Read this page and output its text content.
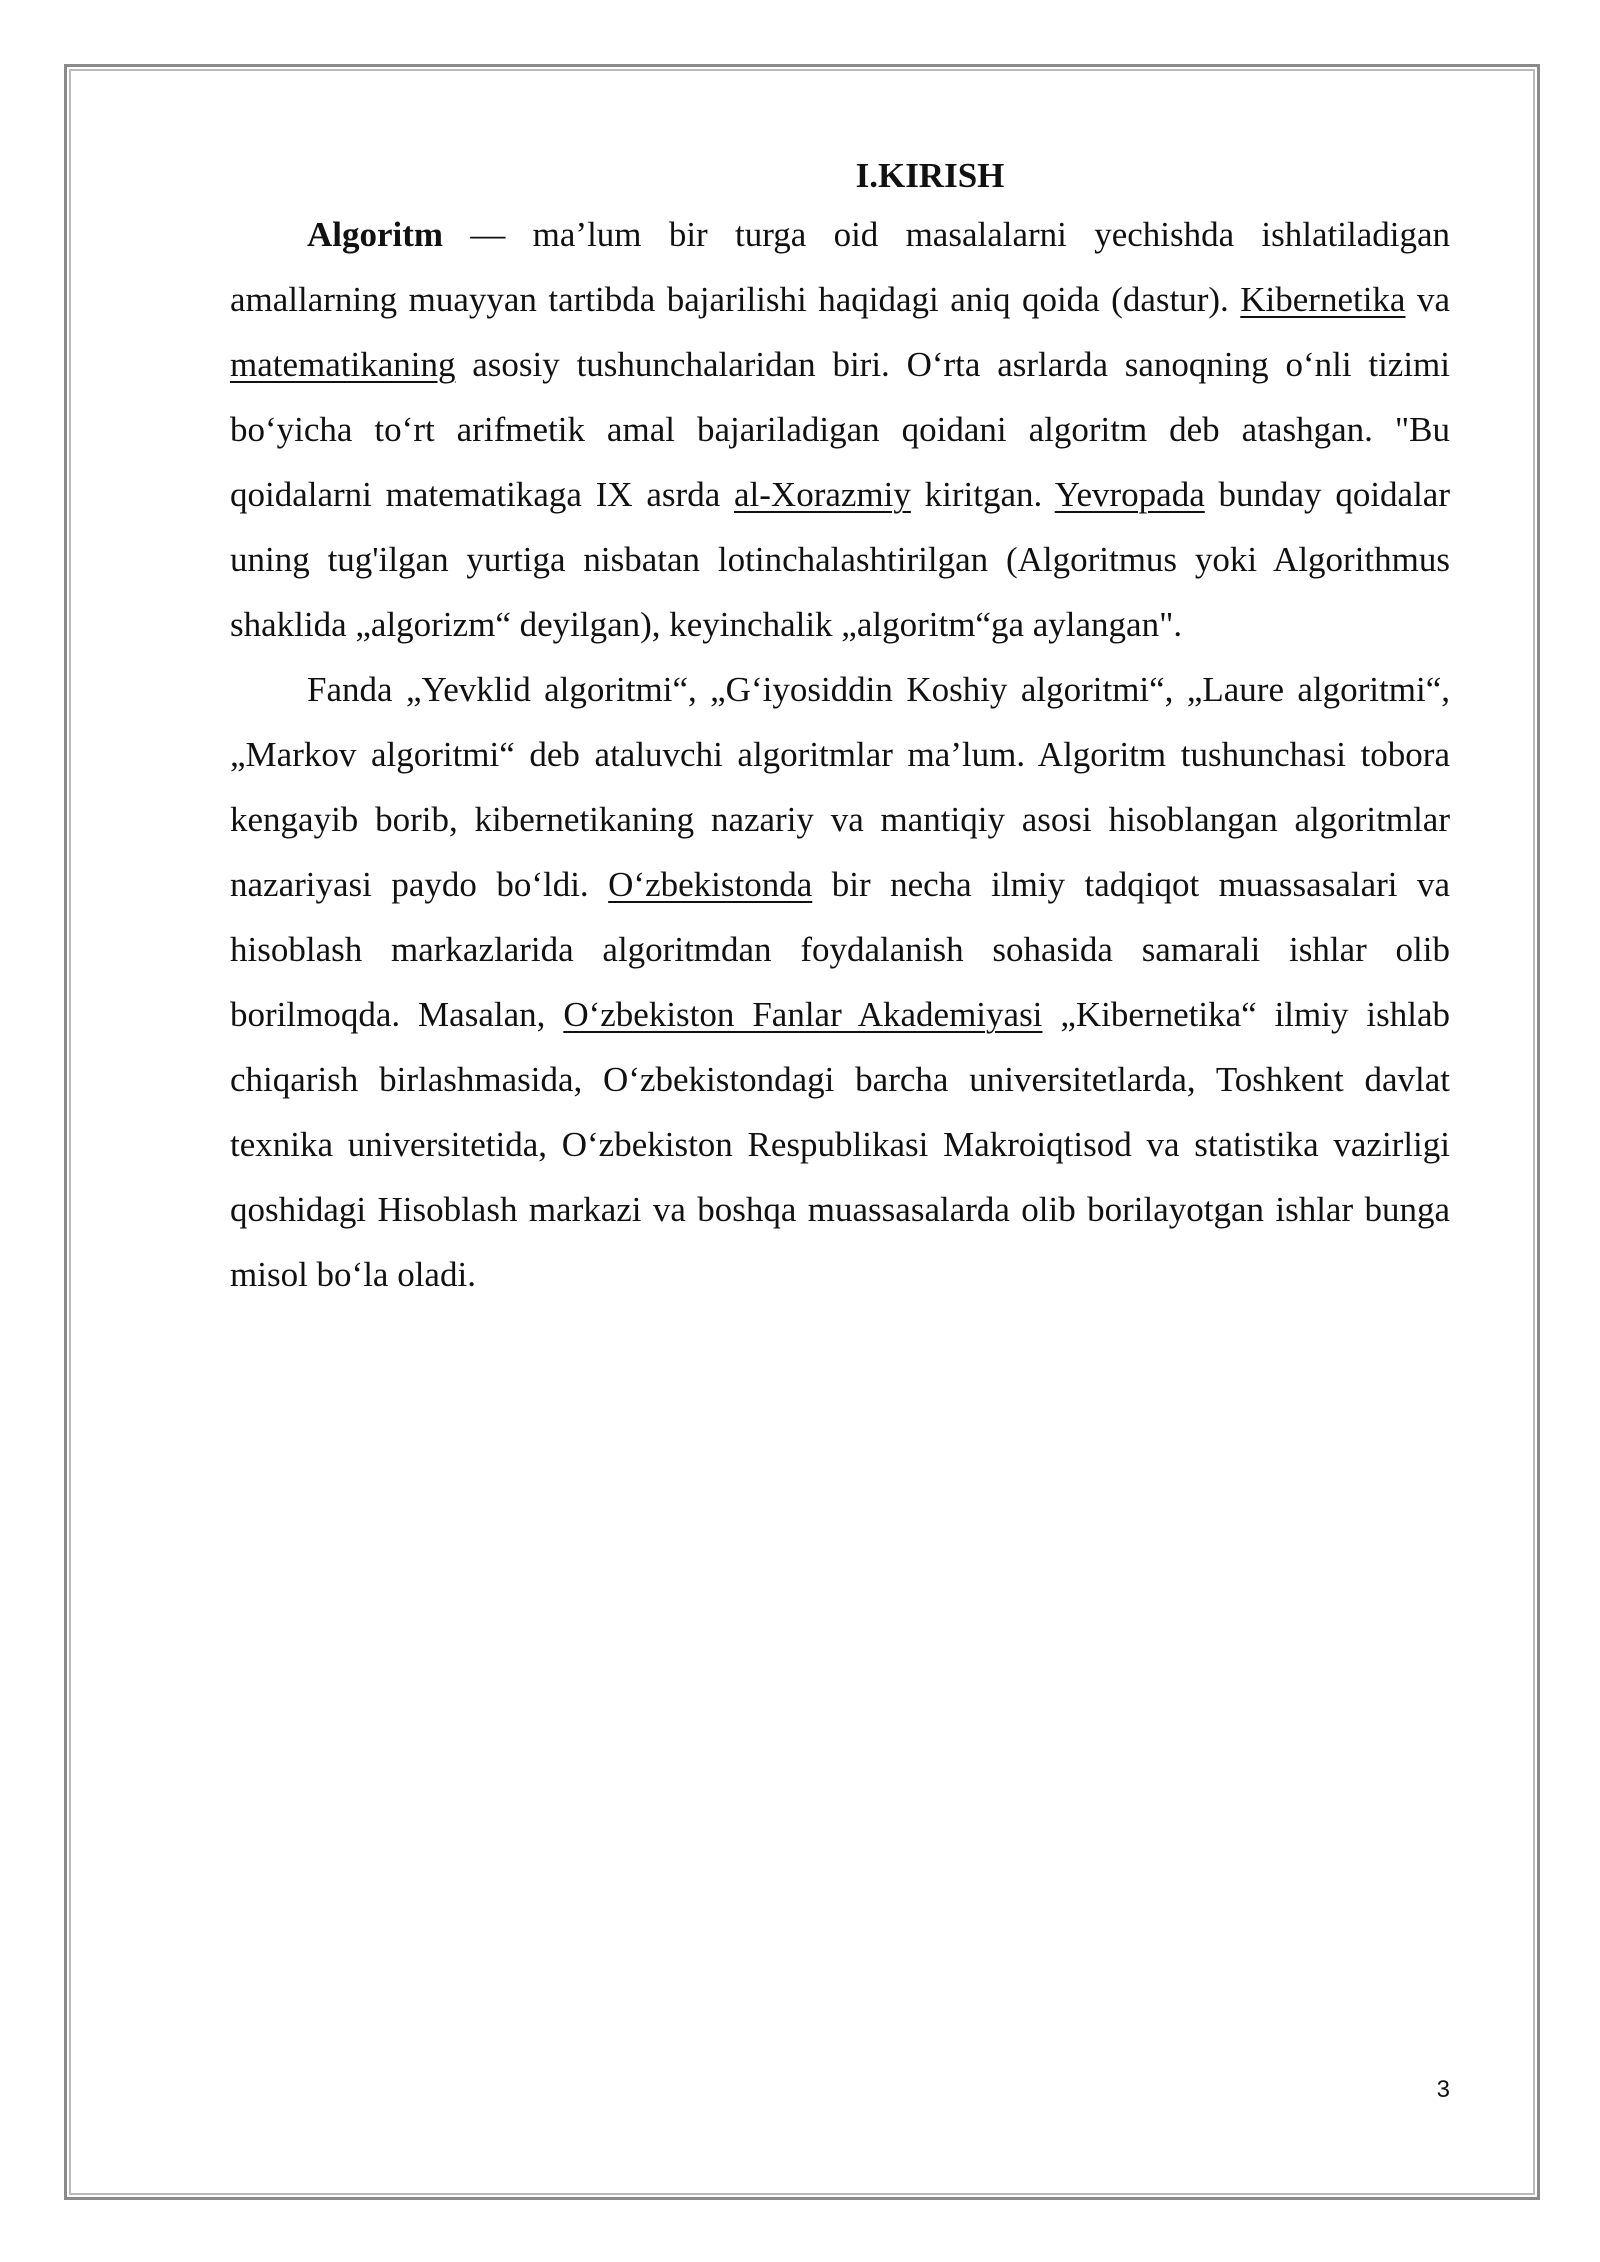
I.KIRISH

Algoritm — ma’lum bir turga oid masalalarni yechishda ishlatiladigan amallarning muayyan tartibda bajarilishi haqidagi aniq qoida (dastur). Kibernetika va matematikaning asosiy tushunchalaridan biri. O‘rta asrlarda sanoqning o‘nli tizimi bo‘yicha to‘rt arifmetik amal bajariladigan qoidani algoritm deb atashgan. "Bu qoidalarni matematikaga IX asrda al-Xorazmiy kiritgan. Yevropada bunday qoidalar uning tug'ilgan yurtiga nisbatan lotinchalashtirilgan (Algoritmus yoki Algorithmus shaklida „algorizm“ deyilgan), keyinchalik „algoritm“ga aylangan".

Fanda „Yevklid algoritmi“, „G‘iyosiddin Koshiy algoritmi“, „Laure algoritmi“, „Markov algoritmi“ deb ataluvchi algoritmlar ma’lum. Algoritm tushunchasi tobora kengayib borib, kibernetikaning nazariy va mantiqiy asosi hisoblangan algoritmlar nazariyasi paydo bo‘ldi. O‘zbekistonda bir necha ilmiy tadqiqot muassasalari va hisoblash markazlarida algoritmdan foydalanish sohasida samarali ishlar olib borilmoqda. Masalan, O‘zbekiston Fanlar Akademiyasi „Kibernetika“ ilmiy ishlab chiqarish birlashmasida, O‘zbekistondagi barcha universitetlarda, Toshkent davlat texnika universitetida, O‘zbekiston Respublikasi Makroiqtisod va statistika vazirligi qoshidagi Hisoblash markazi va boshqa muassasalarda olib borilayotgan ishlar bunga misol bo‘la oladi.

3
